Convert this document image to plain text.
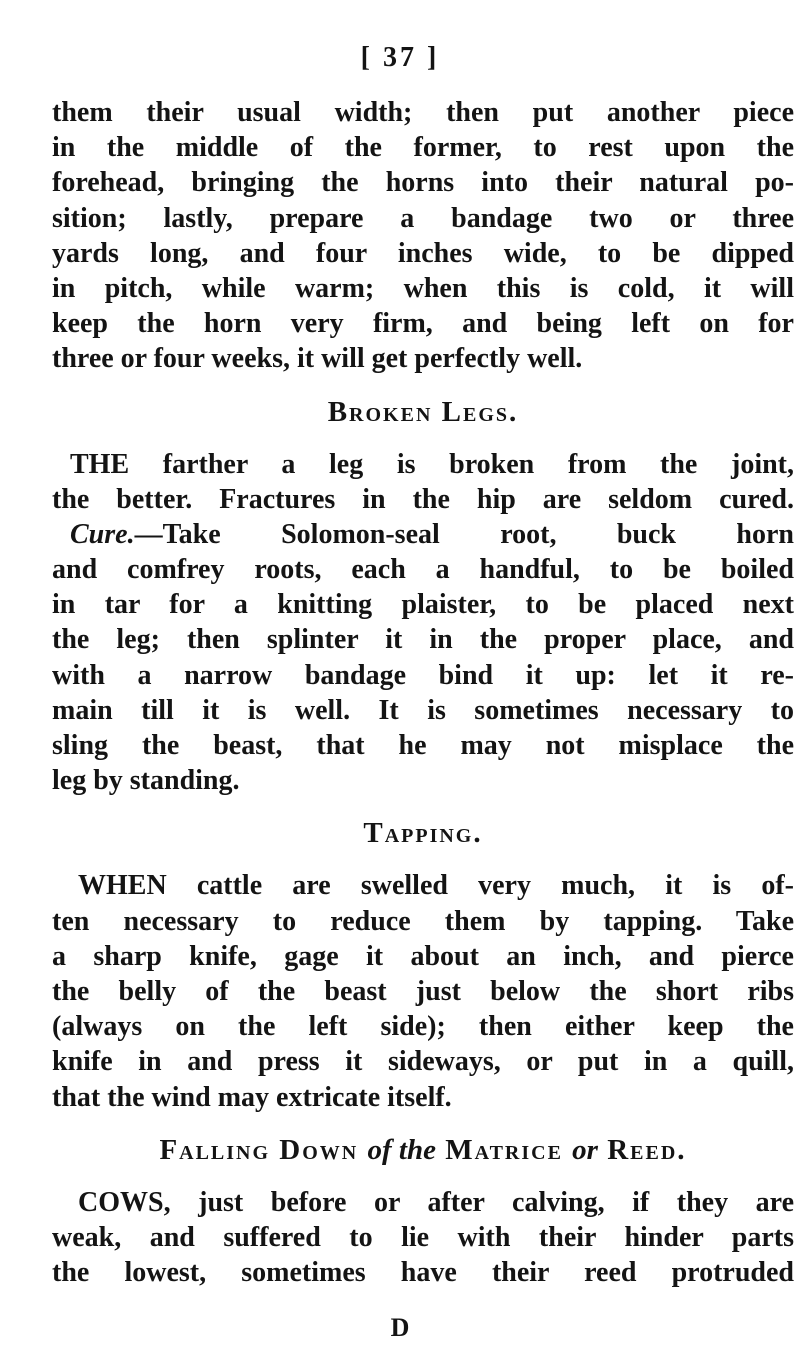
[ 37 ]
them their usual width; then put another piece
in the middle of the former, to rest upon the
forehead, bringing the horns into their natural po-
sition; lastly, prepare a bandage two or three
yards long, and four inches wide, to be dipped
in pitch, while warm; when this is cold, it will
keep the horn very firm, and being left on for
three or four weeks, it will get perfectly well.
Broken Legs.
THE farther a leg is broken from the joint,
the better. Fractures in the hip are seldom cured.
Cure.—Take Solomon-seal root, buck horn
and comfrey roots, each a handful, to be boiled
in tar for a knitting plaister, to be placed next
the leg; then splinter it in the proper place, and
with a narrow bandage bind it up: let it re-
main till it is well. It is sometimes necessary to
sling the beast, that he may not misplace the
leg by standing.
Tapping.
WHEN cattle are swelled very much, it is of-
ten necessary to reduce them by tapping. Take
a sharp knife, gage it about an inch, and pierce
the belly of the beast just below the short ribs
(always on the left side); then either keep the
knife in and press it sideways, or put in a quill,
that the wind may extricate itself.
Falling Down of the Matrice or Reed.
COWS, just before or after calving, if they are
weak, and suffered to lie with their hinder parts
the lowest, sometimes have their reed protruded
D
